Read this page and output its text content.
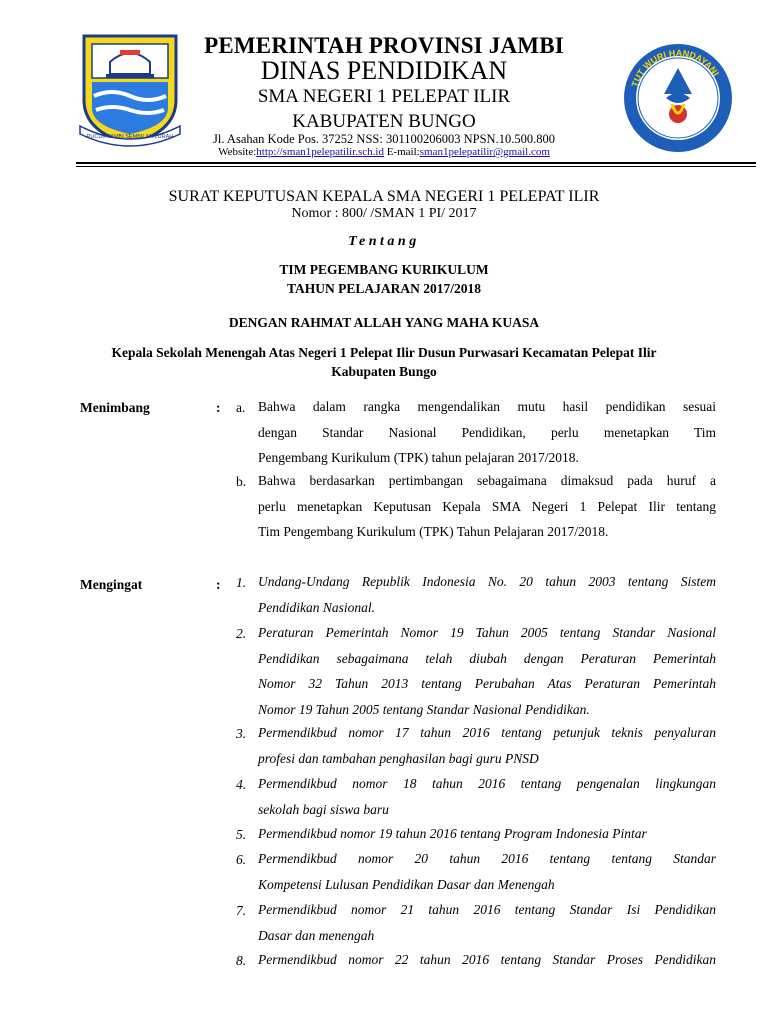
PUCUK JAMBI SEMBILAN LURAH
TUT WURI HANDAYANI
PEMERINTAH PROVINSI JAMBI
DINAS PENDIDIKAN
SMA NEGERI 1 PELEPAT ILIR
KABUPATEN BUNGO
Jl. Asahan Kode Pos. 37252 NSS: 301100206003 NPSN.10.500.800
Website:http://sman1pelepatilir.sch.id E-mail:sman1pelepatilir@gmail.com
SURAT KEPUTUSAN KEPALA SMA NEGERI 1 PELEPAT ILIR
Nomor : 800/ /SMAN 1 PI/ 2017
Tentang
TIM PEGEMBANG KURIKULUM
TAHUN PELAJARAN 2017/2018
DENGAN RAHMAT ALLAH YANG MAHA KUASA
Kepala Sekolah Menengah Atas Negeri 1 Pelepat Ilir Dusun Purwasari Kecamatan Pelepat Ilir
Kabupaten Bungo
Menimbang	: a. Bahwa dalam rangka mengendalikan mutu hasil pendidikan sesuai
dengan Standar Nasional Pendidikan, perlu menetapkan Tim
Pengembang Kurikulum (TPK) tahun pelajaran 2017/2018.
b. Bahwa berdasarkan pertimbangan sebagaimana dimaksud pada huruf a
perlu menetapkan Keputusan Kepala SMA Negeri 1 Pelepat Ilir tentang
Tim Pengembang Kurikulum (TPK) Tahun Pelajaran 2017/2018.
Mengingat	: 1. Undang-Undang Republik Indonesia No. 20 tahun 2003 tentang Sistem
Pendidikan Nasional.
2. Peraturan Pemerintah Nomor 19 Tahun 2005 tentang Standar Nasional
Pendidikan sebagaimana telah diubah dengan Peraturan Pemerintah
Nomor 32 Tahun 2013 tentang Perubahan Atas Peraturan Pemerintah
Nomor 19 Tahun 2005 tentang Standar Nasional Pendidikan.
3. Permendikbud nomor 17 tahun 2016 tentang petunjuk teknis penyaluran
profesi dan tambahan penghasilan bagi guru PNSD
4. Permendikbud nomor 18 tahun 2016 tentang pengenalan lingkungan
sekolah bagi siswa baru
5. Permendikbud nomor 19 tahun 2016 tentang Program Indonesia Pintar
6. Permendikbud nomor 20 tahun 2016 tentang tentang Standar
Kompetensi Lulusan Pendidikan Dasar dan Menengah
7. Permendikbud nomor 21 tahun 2016 tentang Standar Isi Pendidikan
Dasar dan menengah
8. Permendikbud nomor 22 tahun 2016 tentang Standar Proses Pendidikan
